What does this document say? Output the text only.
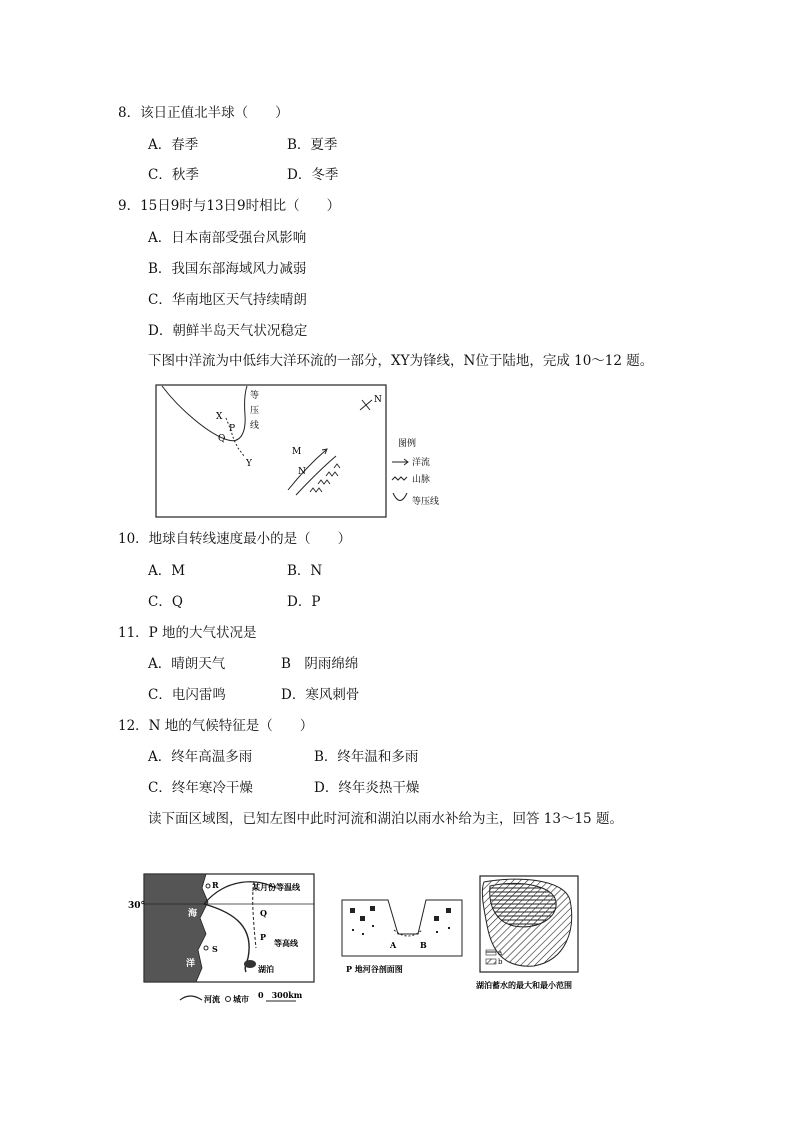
8．该日正值北半球（　　）
A．春季	B．夏季
C．秋季	D．冬季
9．15日9时与13日9时相比（　　）
A．日本南部受强台风影响
B．我国东部海域风力减弱
C．华南地区天气持续晴朗
D．朝鲜半岛天气状况稳定
下图中洋流为中低纬大洋环流的一部分，XY为锋线，N位于陆地，完成 10～12 题。
等
压
线
X
Q
P
Y
N
M
N
图例
洋流
山脉
等压线
10．地球自转线速度最小的是（　　）
A．M	B．N
C．Q	D．P
11．P 地的大气状况是
A．晴朗天气	B　阴雨绵绵
C．电闪雷鸣	D．寒风刺骨
12．N 地的气候特征是（　　）
A．终年高温多雨	B．终年温和多雨
C．终年寒冷干燥	D．终年炎热干燥
读下面区域图，已知左图中此时河流和湖泊以雨水补给为主，回答 13～15 题。
30°
海
洋
R
S
某月份等温线
Q
P
等高线
湖泊
河流 城市 0　300km
A	B
P 地河谷剖面图
a
b
湖泊蓄水的最大和最小范围
